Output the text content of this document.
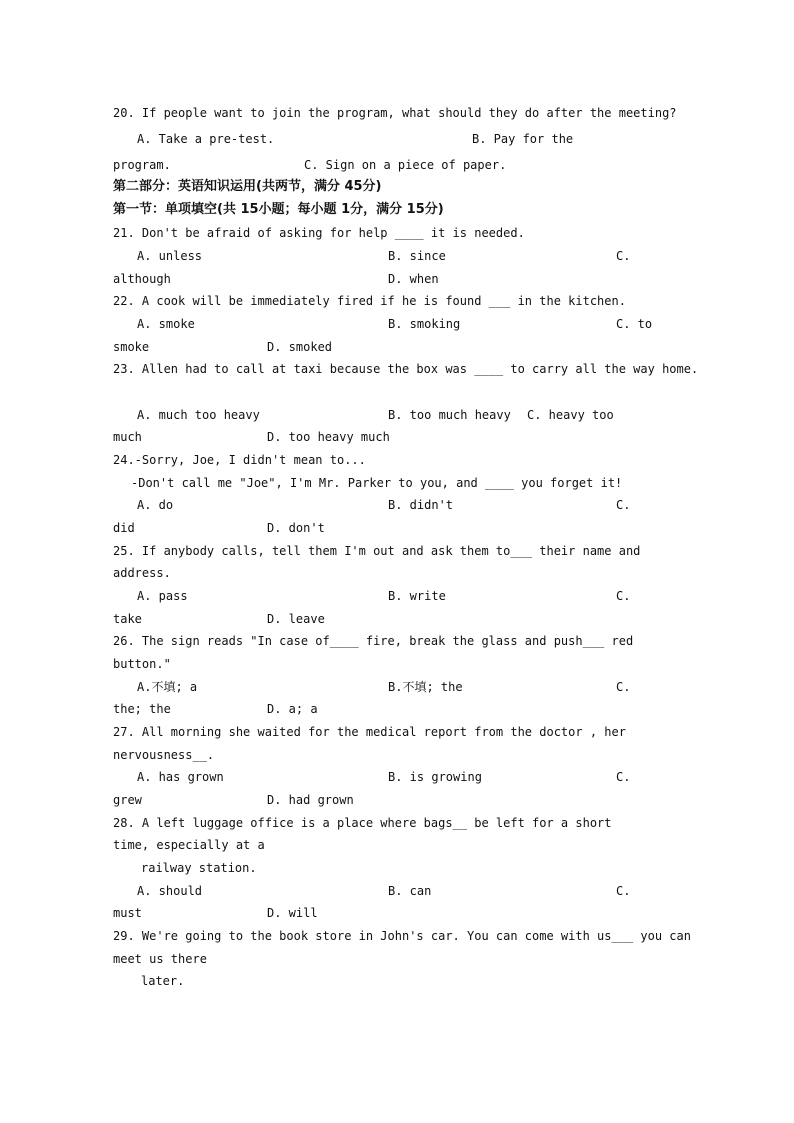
20. If people want to join the program, what should they do after the meeting?
A. Take a pre-test.	B. Pay for the
program.	C. Sign on a piece of paper.
第二部分：英语知识运用(共两节，满分 45分)
第一节：单项填空(共 15小题；每小题 1分，满分 15分)
21. Don't be afraid of asking for help ____ it is needed.
A. unless	B. since	C.
although	D. when
22. A cook will be immediately fired if he is found ___ in the kitchen.
A. smoke	B. smoking	C. to
smoke	D. smoked
23. Allen had to call at taxi because the box was ____ to carry all the way home.
A. much too heavy	B. too much heavy C. heavy too
much	D. too heavy much
24.-Sorry, Joe, I didn't mean to...
-Don't call me "Joe", I'm Mr. Parker to you, and ____ you forget it!
A. do	B. didn't	C.
did	D. don't
25. If anybody calls, tell them I'm out and ask them to___ their name and
address.
A. pass	B. write	C.
take	D. leave
26. The sign reads "In case of____ fire, break the glass and push___ red
button."
A.不填; a	B.不填; the	C.
the; the	D. a; a
27. All morning she waited for the medical report from the doctor , her
nervousness__.
A. has grown	B. is growing	C.
grew	D. had grown
28. A left luggage office is a place where bags__ be left for a short
time, especially at a
railway station.
A. should	B. can	C.
must	D. will
29. We're going to the book store in John's car. You can come with us___ you can
meet us there
later.
